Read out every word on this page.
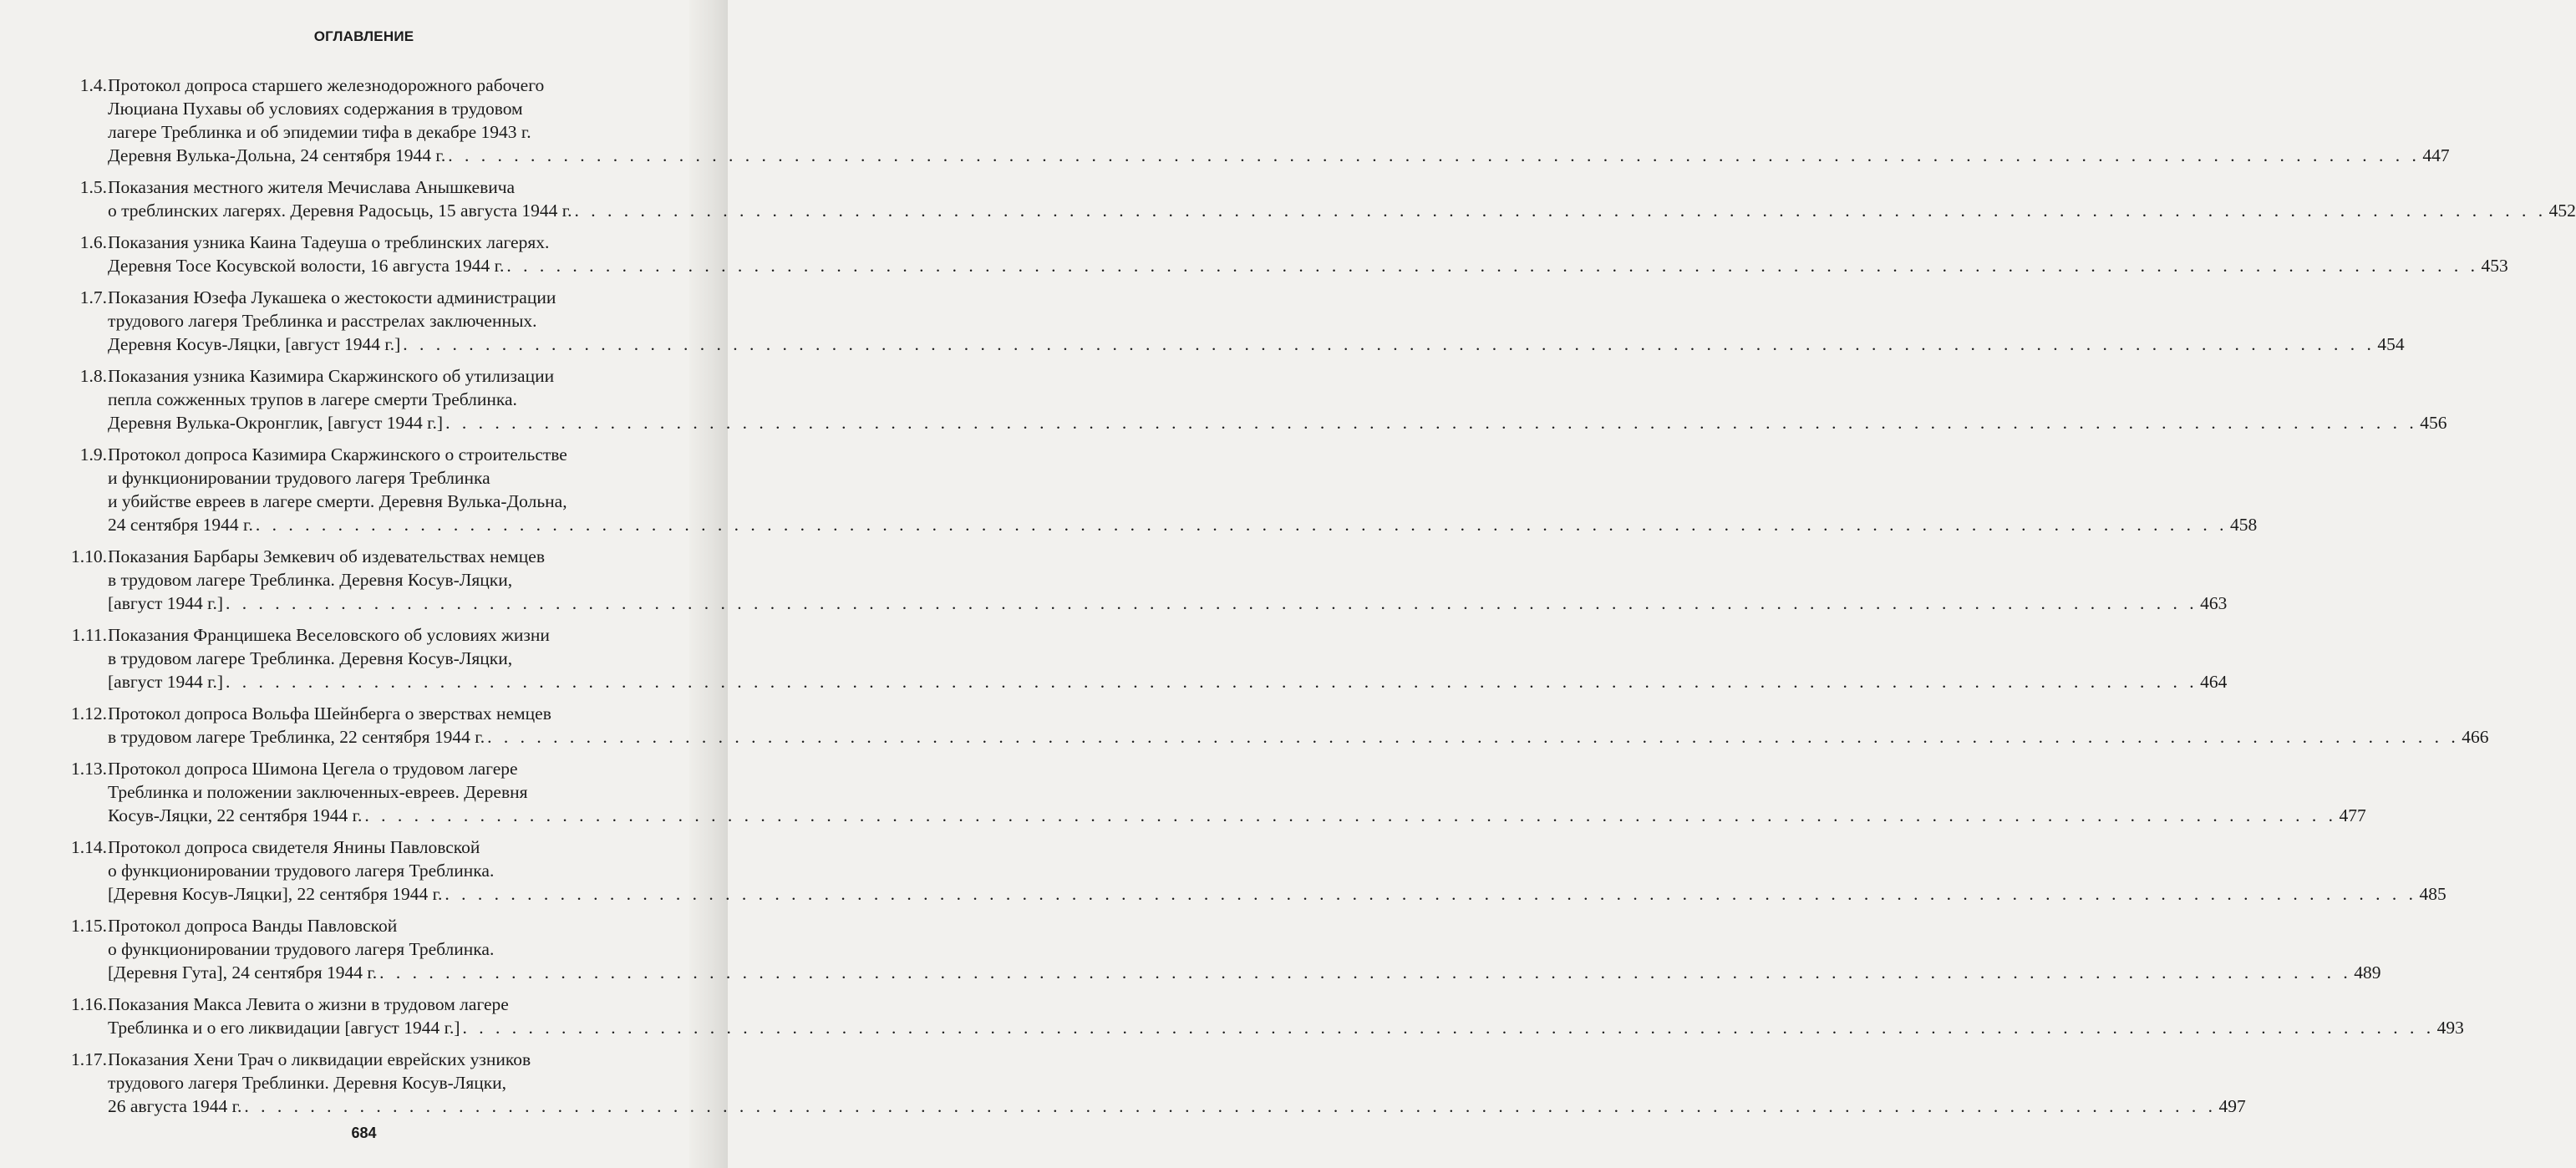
ОГЛАВЛЕНИЕ
1.4. Протокол допроса старшего железнодорожного рабочего
Люциана Пухавы об условиях содержания в трудовом
лагере Треблинка и об эпидемии тифа в декабре 1943 г.
Деревня Вулька-Дольна, 24 сентября 1944 г. . . . . . . . . . . . . . . . . . . . . . . . . . . . . . . . . . . . . . . . . . . . . . . . . . . . . . . . . . . . . . . . . . . . . . . . . . . . . . . . . . . . . . . . . . . . . . . . . . . . . . . . . . . . . . . . . . . . . . . . . 447
1.5. Показания местного жителя Мечислава Анышкевича
о треблинских лагерях. Деревня Радосьць, 15 августа 1944 г. . . . . . . . . . . . . . . . . . . . . . . . . . . . . . . . . . . . . . . . . . . . . . . . . . . . . . . . . . . . . . . . . . . . . . . . . . . . . . . . . . . . . . . . . . . . . . . . . . . . . . . . . . . . . . . . . . . . . . . . . 452
1.6. Показания узника Каина Тадеуша о треблинских лагерях.
Деревня Тосе Косувской волости, 16 августа 1944 г. . . . . . . . . . . . . . . . . . . . . . . . . . . . . . . . . . . . . . . . . . . . . . . . . . . . . . . . . . . . . . . . . . . . . . . . . . . . . . . . . . . . . . . . . . . . . . . . . . . . . . . . . . . . . . . . . . . . . . . . . 453
1.7. Показания Юзефа Лукашека о жестокости администрации
трудового лагеря Треблинка и расстрелах заключенных.
Деревня Косув-Ляцки, [август 1944 г.] . . . . . . . . . . . . . . . . . . . . . . . . . . . . . . . . . . . . . . . . . . . . . . . . . . . . . . . . . . . . . . . . . . . . . . . . . . . . . . . . . . . . . . . . . . . . . . . . . . . . . . . . . . . . . . . . . . . . . . . . 454
1.8. Показания узника Казимира Скаржинского об утилизации
пепла сожженных трупов в лагере смерти Треблинка.
Деревня Вулька-Окронглик, [август 1944 г.] . . . . . . . . . . . . . . . . . . . . . . . . . . . . . . . . . . . . . . . . . . . . . . . . . . . . . . . . . . . . . . . . . . . . . . . . . . . . . . . . . . . . . . . . . . . . . . . . . . . . . . . . . . . . . . . . . . . . . . . . 456
1.9. Протокол допроса Казимира Скаржинского о строительстве
и функционировании трудового лагеря Треблинка
и убийстве евреев в лагере смерти. Деревня Вулька-Дольна,
24 сентября 1944 г. . . . . . . . . . . . . . . . . . . . . . . . . . . . . . . . . . . . . . . . . . . . . . . . . . . . . . . . . . . . . . . . . . . . . . . . . . . . . . . . . . . . . . . . . . . . . . . . . . . . . . . . . . . . . . . . . . . . . . . . . 458
1.10. Показания Барбары Земкевич об издевательствах немцев
в трудовом лагере Треблинка. Деревня Косув-Ляцки,
[август 1944 г.] . . . . . . . . . . . . . . . . . . . . . . . . . . . . . . . . . . . . . . . . . . . . . . . . . . . . . . . . . . . . . . . . . . . . . . . . . . . . . . . . . . . . . . . . . . . . . . . . . . . . . . . . . . . . . . . . . . . . . . . . 463
1.11. Показания Францишека Веселовского об условиях жизни
в трудовом лагере Треблинка. Деревня Косув-Ляцки,
[август 1944 г.] . . . . . . . . . . . . . . . . . . . . . . . . . . . . . . . . . . . . . . . . . . . . . . . . . . . . . . . . . . . . . . . . . . . . . . . . . . . . . . . . . . . . . . . . . . . . . . . . . . . . . . . . . . . . . . . . . . . . . . . . 464
1.12. Протокол допроса Вольфа Шейнберга о зверствах немцев
в трудовом лагере Треблинка, 22 сентября 1944 г. . . . . . . . . . . . . . . . . . . . . . . . . . . . . . . . . . . . . . . . . . . . . . . . . . . . . . . . . . . . . . . . . . . . . . . . . . . . . . . . . . . . . . . . . . . . . . . . . . . . . . . . . . . . . . . . . . . . . . . . . 466
1.13. Протокол допроса Шимона Цегела о трудовом лагере
Треблинка и положении заключенных-евреев. Деревня
Косув-Ляцки, 22 сентября 1944 г. . . . . . . . . . . . . . . . . . . . . . . . . . . . . . . . . . . . . . . . . . . . . . . . . . . . . . . . . . . . . . . . . . . . . . . . . . . . . . . . . . . . . . . . . . . . . . . . . . . . . . . . . . . . . . . . . . . . . . . . . 477
1.14. Протокол допроса свидетеля Янины Павловской
о функционировании трудового лагеря Треблинка.
[Деревня Косув-Ляцки], 22 сентября 1944 г. . . . . . . . . . . . . . . . . . . . . . . . . . . . . . . . . . . . . . . . . . . . . . . . . . . . . . . . . . . . . . . . . . . . . . . . . . . . . . . . . . . . . . . . . . . . . . . . . . . . . . . . . . . . . . . . . . . . . . . . . 485
1.15. Протокол допроса Ванды Павловской
о функционировании трудового лагеря Треблинка.
[Деревня Гута], 24 сентября 1944 г. . . . . . . . . . . . . . . . . . . . . . . . . . . . . . . . . . . . . . . . . . . . . . . . . . . . . . . . . . . . . . . . . . . . . . . . . . . . . . . . . . . . . . . . . . . . . . . . . . . . . . . . . . . . . . . . . . . . . . . . . 489
1.16. Показания Макса Левита о жизни в трудовом лагере
Треблинка и о его ликвидации [август 1944 г.] . . . . . . . . . . . . . . . . . . . . . . . . . . . . . . . . . . . . . . . . . . . . . . . . . . . . . . . . . . . . . . . . . . . . . . . . . . . . . . . . . . . . . . . . . . . . . . . . . . . . . . . . . . . . . . . . . . . . . . . . 493
1.17. Показания Хени Трач о ликвидации еврейских узников
трудового лагеря Треблинки. Деревня Косув-Ляцки,
26 августа 1944 г. . . . . . . . . . . . . . . . . . . . . . . . . . . . . . . . . . . . . . . . . . . . . . . . . . . . . . . . . . . . . . . . . . . . . . . . . . . . . . . . . . . . . . . . . . . . . . . . . . . . . . . . . . . . . . . . . . . . . . . . . 497
684
